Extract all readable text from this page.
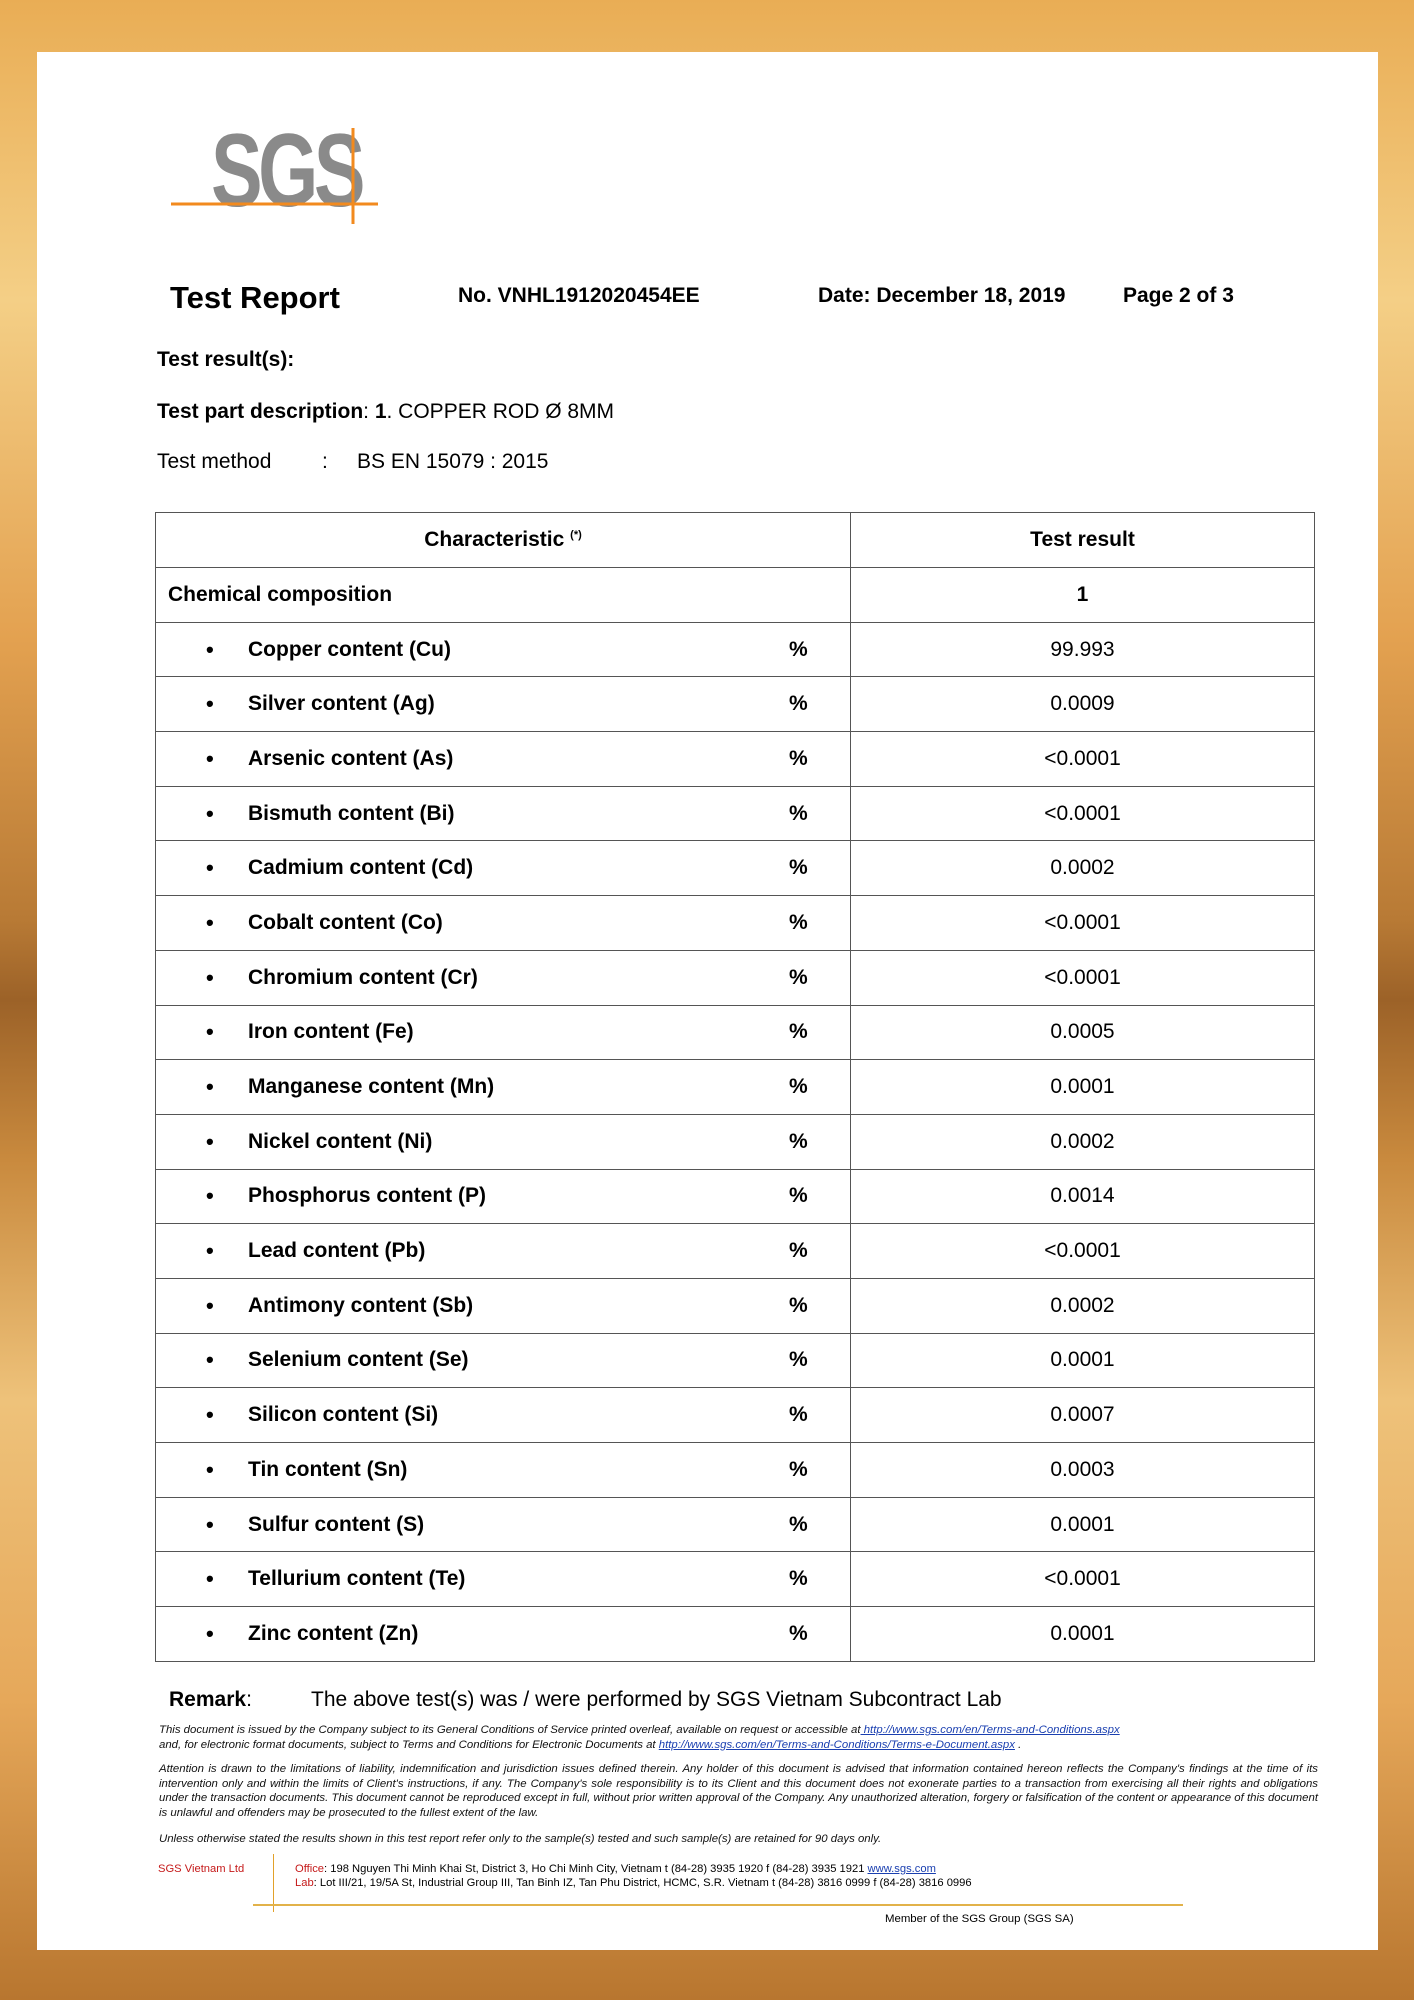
SGS
Test Report	No. VNHL1912020454EE	Date: December 18, 2019	Page 2 of 3
Test result(s):
Test part description: 1. COPPER ROD Ø 8MM
Test method : BS EN 15079 : 2015
Characteristic (*)	Test result
Chemical composition	1

• Copper content (Cu) %	99.993

• Silver content (Ag) %	0.0009

• Arsenic content (As) %	<0.0001

• Bismuth content (Bi) %	<0.0001

• Cadmium content (Cd) %	0.0002

• Cobalt content (Co) %	<0.0001

• Chromium content (Cr) %	<0.0001

• Iron content (Fe) %	0.0005

• Manganese content (Mn) %	0.0001

• Nickel content (Ni) %	0.0002

• Phosphorus content (P) %	0.0014

• Lead content (Pb) %	<0.0001

• Antimony content (Sb) %	0.0002

• Selenium content (Se) %	0.0001

• Silicon content (Si) %	0.0007

• Tin content (Sn) %	0.0003

• Sulfur content (S) %	0.0001

• Tellurium content (Te) %	<0.0001

• Zinc content (Zn) %	0.0001
Remark:	The above test(s) was / were performed by SGS Vietnam Subcontract Lab
This document is issued by the Company subject to its General Conditions of Service printed overleaf, available on request or accessible at http://www.sgs.com/en/Terms-and-Conditions.aspx
and, for electronic format documents, subject to Terms and Conditions for Electronic Documents at http://www.sgs.com/en/Terms-and-Conditions/Terms-e-Document.aspx .
Attention is drawn to the limitations of liability, indemnification and jurisdiction issues defined therein. Any holder of this document is advised that information contained hereon reflects the Company's findings at the time of its intervention only and within the limits of Client's instructions, if any. The Company's sole responsibility is to its Client and this document does not exonerate parties to a transaction from exercising all their rights and obligations under the transaction documents. This document cannot be reproduced except in full, without prior written approval of the Company. Any unauthorized alteration, forgery or falsification of the content or appearance of this document is unlawful and offenders may be prosecuted to the fullest extent of the law.
Unless otherwise stated the results shown in this test report refer only to the sample(s) tested and such sample(s) are retained for 90 days only.
SGS Vietnam Ltd	Office: 198 Nguyen Thi Minh Khai St, District 3, Ho Chi Minh City, Vietnam t (84-28) 3935 1920 f (84-28) 3935 1921 www.sgs.com
Lab: Lot III/21, 19/5A St, Industrial Group III, Tan Binh IZ, Tan Phu District, HCMC, S.R. Vietnam t (84-28) 3816 0999 f (84-28) 3816 0996
Member of the SGS Group (SGS SA)
